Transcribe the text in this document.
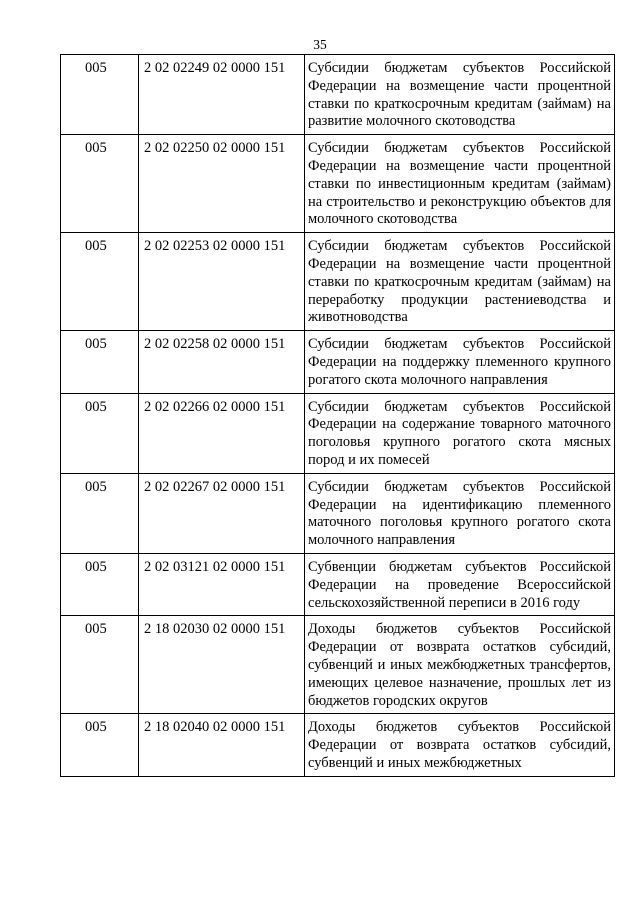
35
005	2 02 02249 02 0000 151	Субсидии бюджетам субъектов Российской Федерации на возмещение части процентной ставки по краткосрочным кредитам (займам) на развитие молочного скотоводства

005	2 02 02250 02 0000 151	Субсидии бюджетам субъектов Российской Федерации на возмещение части процентной ставки по инвестиционным кредитам (займам) на строительство и реконструкцию объектов для молочного скотоводства

005	2 02 02253 02 0000 151	Субсидии бюджетам субъектов Российской Федерации на возмещение части процентной ставки по краткосрочным кредитам (займам) на переработку продукции растениеводства и животноводства

005	2 02 02258 02 0000 151	Субсидии бюджетам субъектов Российской Федерации на поддержку племенного крупного рогатого скота молочного направления

005	2 02 02266 02 0000 151	Субсидии бюджетам субъектов Российской Федерации на содержание товарного маточного поголовья крупного рогатого скота мясных пород и их помесей

005	2 02 02267 02 0000 151	Субсидии бюджетам субъектов Российской Федерации на идентификацию племенного маточного поголовья крупного рогатого скота молочного направления

005	2 02 03121 02 0000 151	Субвенции бюджетам субъектов Российской Федерации на проведение Всероссийской сельскохозяйственной переписи в 2016 году

005	2 18 02030 02 0000 151	Доходы бюджетов субъектов Российской Федерации от возврата остатков субсидий, субвенций и иных межбюджетных трансфертов, имеющих целевое назначение, прошлых лет из бюджетов городских округов

005	2 18 02040 02 0000 151	Доходы бюджетов субъектов Российской Федерации от возврата остатков субсидий, субвенций и иных межбюджетных
